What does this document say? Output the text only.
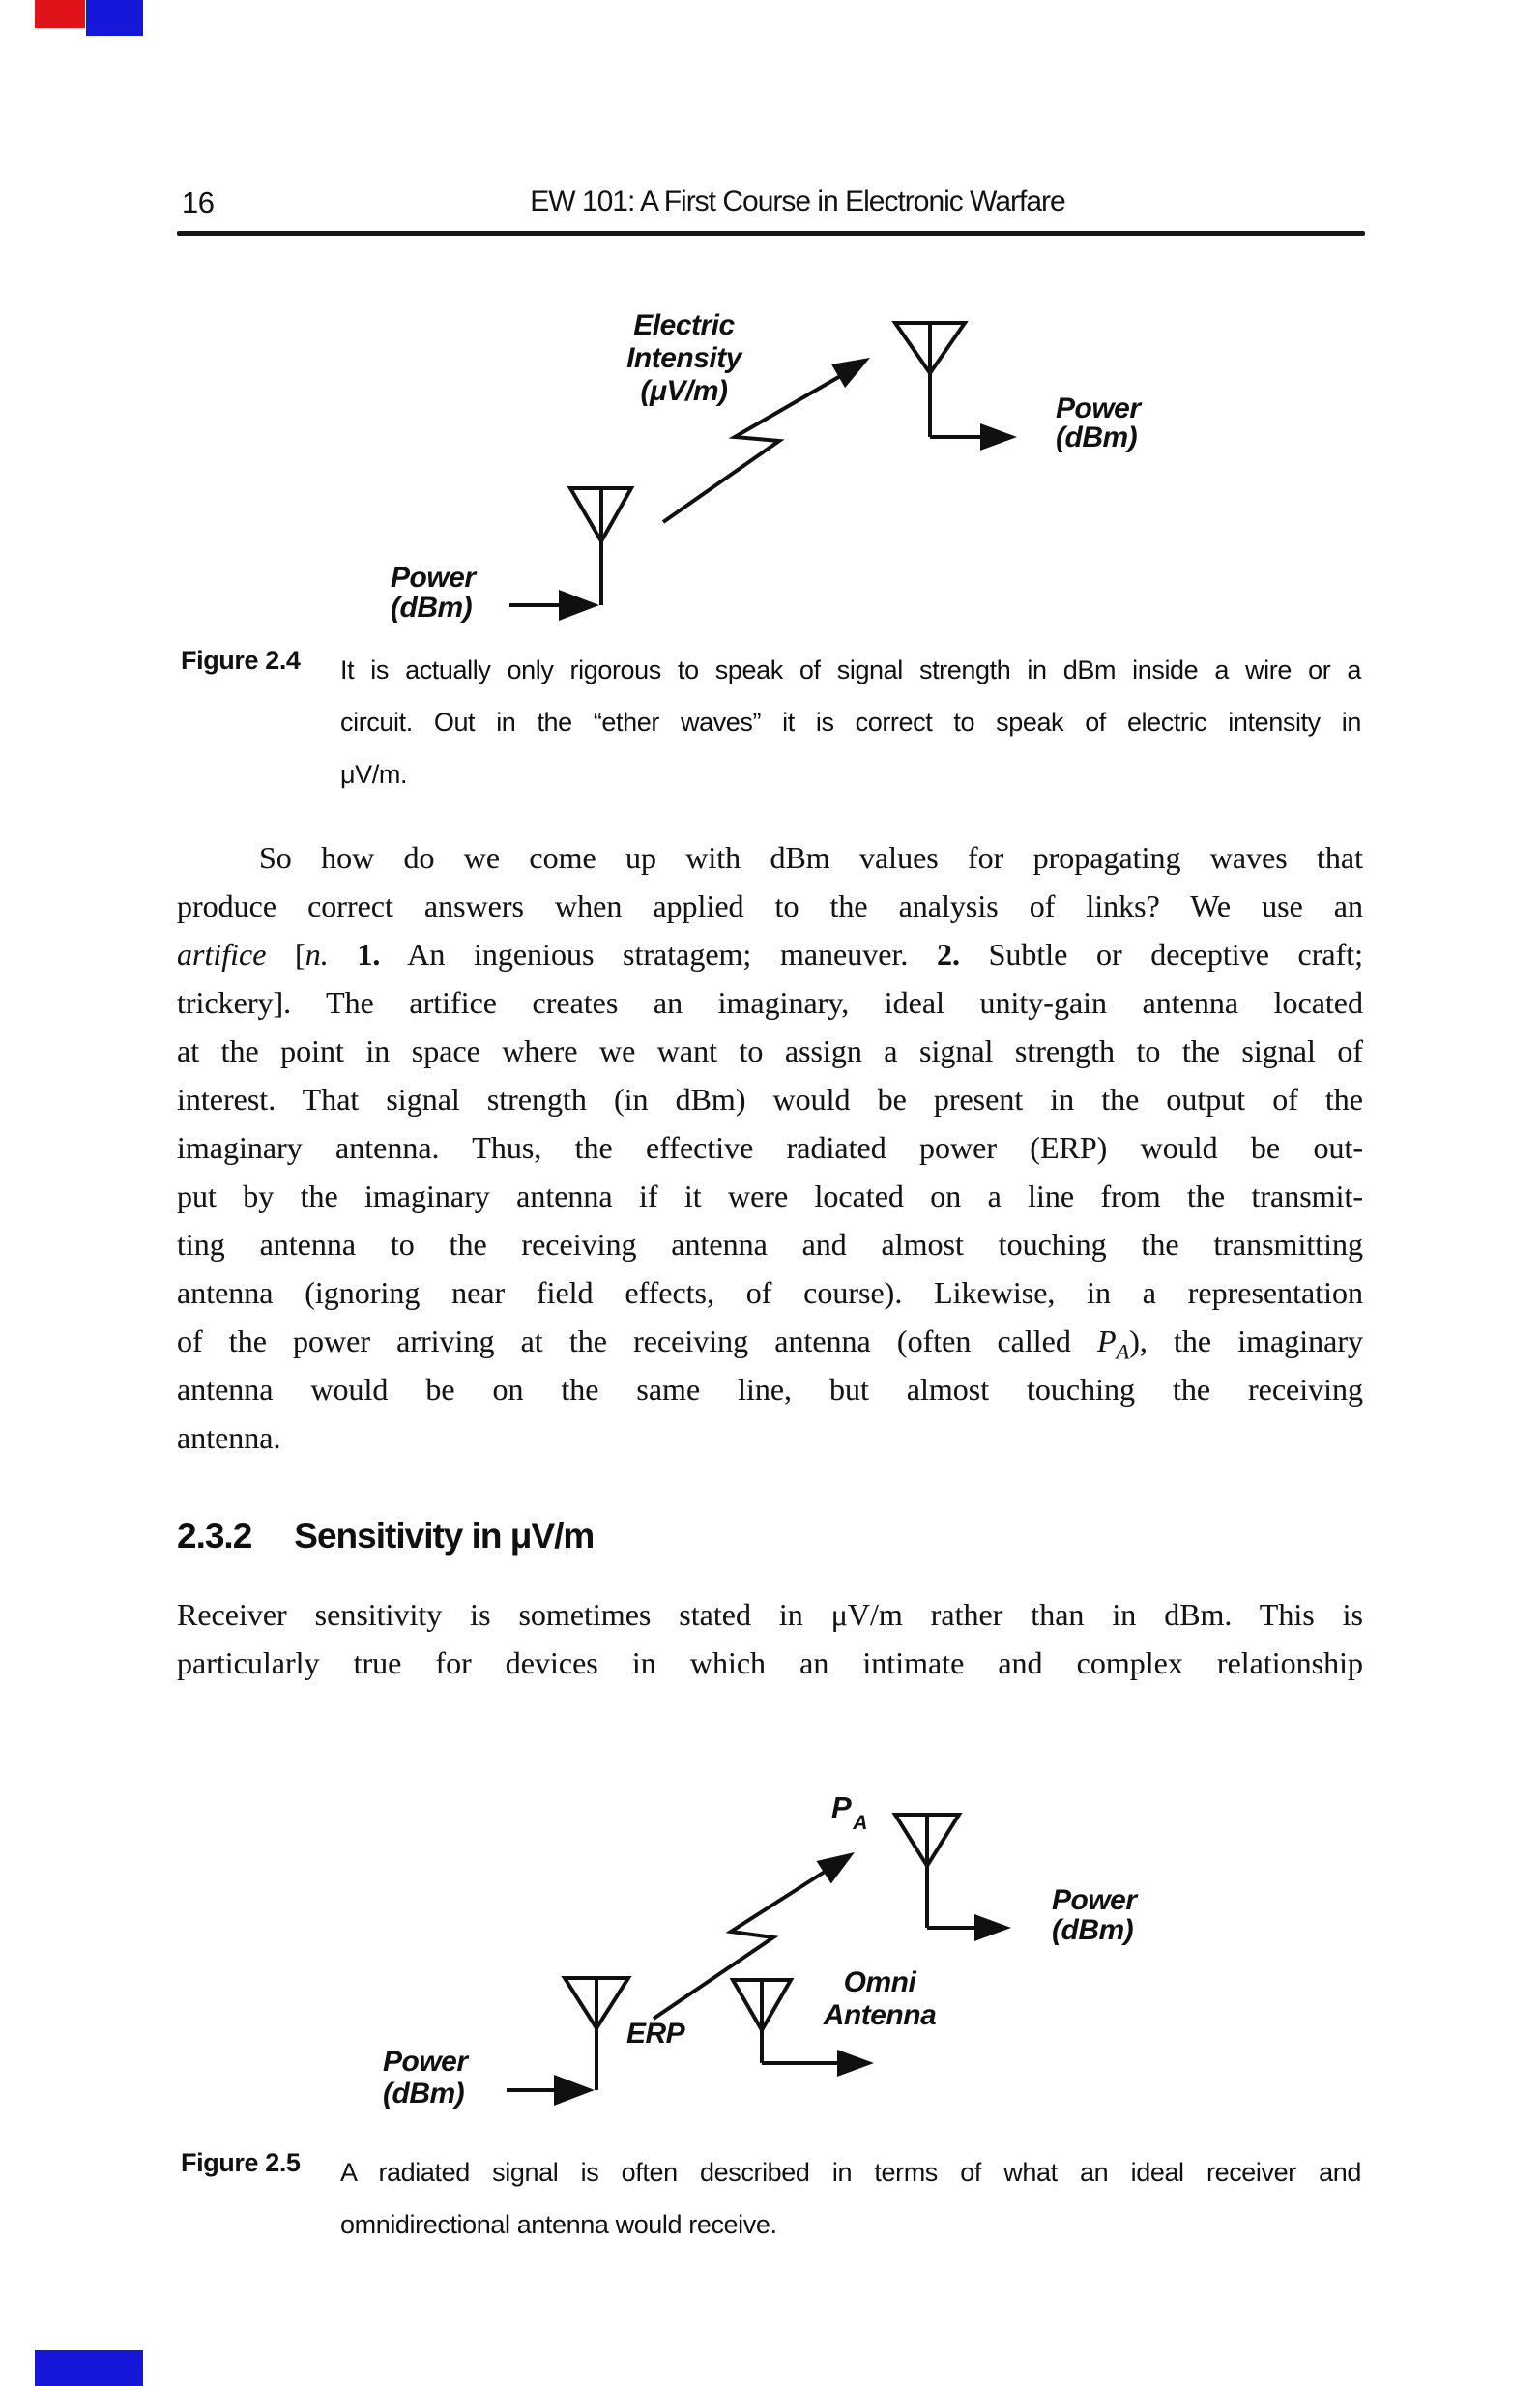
16	EW 101: A First Course in Electronic Warfare
Electric
Intensity
(μV/m)
Power
(dBm)
Power
(dBm)
Figure 2.4 It is actually only rigorous to speak of signal strength in dBm inside a wire or a
circuit. Out in the “ether waves” it is correct to speak of electric intensity in
μV/m.
So how do we come up with dBm values for propagating waves that
produce correct answers when applied to the analysis of links? We use an
artifice [n. 1. An ingenious stratagem; maneuver. 2. Subtle or deceptive craft;
trickery]. The artifice creates an imaginary, ideal unity-gain antenna located
at the point in space where we want to assign a signal strength to the signal of
interest. That signal strength (in dBm) would be present in the output of the
imaginary antenna. Thus, the effective radiated power (ERP) would be out-
put by the imaginary antenna if it were located on a line from the transmit-
ting antenna to the receiving antenna and almost touching the transmitting
antenna (ignoring near field effects, of course). Likewise, in a representation
of the power arriving at the receiving antenna (often called $P_A$), the imaginary
antenna would be on the same line, but almost touching the receiving
antenna.
2.3.2 Sensitivity in μV/m
Receiver sensitivity is sometimes stated in μV/m rather than in dBm. This is
particularly true for devices in which an intimate and complex relationship
$P_A$
Power
(dBm)
Omni
Antenna
ERP
Power
(dBm)
Figure 2.5 A radiated signal is often described in terms of what an ideal receiver and
omnidirectional antenna would receive.
